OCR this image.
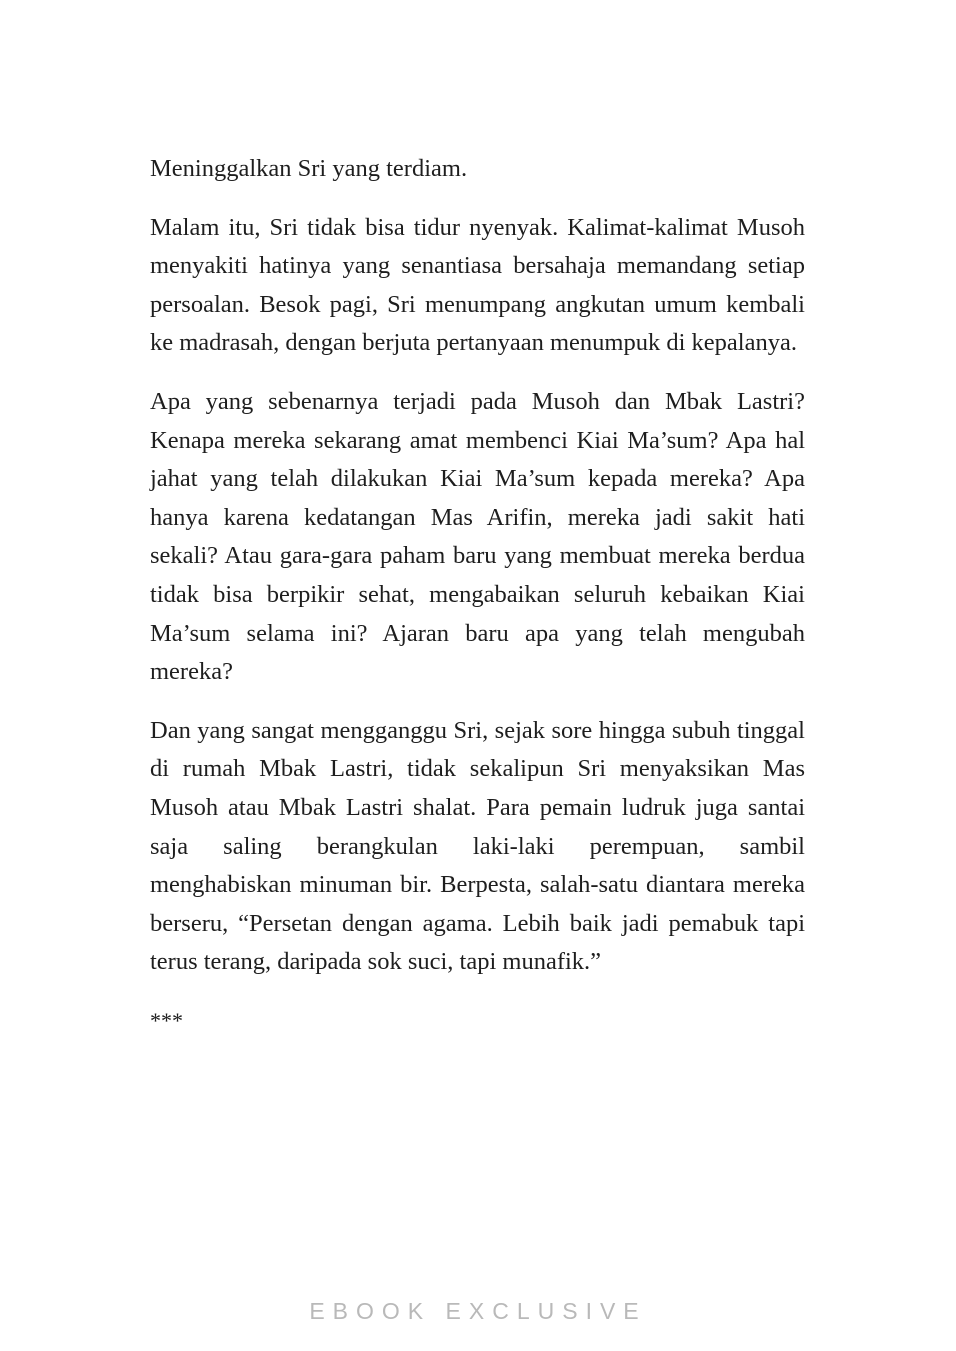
Meninggalkan Sri yang terdiam.

Malam itu, Sri tidak bisa tidur nyenyak. Kalimat-kalimat Musoh menyakiti hatinya yang senantiasa bersahaja memandang setiap persoalan. Besok pagi, Sri menumpang angkutan umum kembali ke madrasah, dengan berjuta pertanyaan menumpuk di kepalanya.

Apa yang sebenarnya terjadi pada Musoh dan Mbak Lastri? Kenapa mereka sekarang amat membenci Kiai Ma’sum? Apa hal jahat yang telah dilakukan Kiai Ma’sum kepada mereka? Apa hanya karena kedatangan Mas Arifin, mereka jadi sakit hati sekali? Atau gara-gara paham baru yang membuat mereka berdua tidak bisa berpikir sehat, mengabaikan seluruh kebaikan Kiai Ma’sum selama ini? Ajaran baru apa yang telah mengubah mereka?

Dan yang sangat mengganggu Sri, sejak sore hingga subuh tinggal di rumah Mbak Lastri, tidak sekalipun Sri menyaksikan Mas Musoh atau Mbak Lastri shalat. Para pemain ludruk juga santai saja saling berangkulan laki-laki perempuan, sambil menghabiskan minuman bir. Berpesta, salah-satu diantara mereka berseru, “Persetan dengan agama. Lebih baik jadi pemabuk tapi terus terang, daripada sok suci, tapi munafik.”

***

EBOOK EXCLUSIVE
